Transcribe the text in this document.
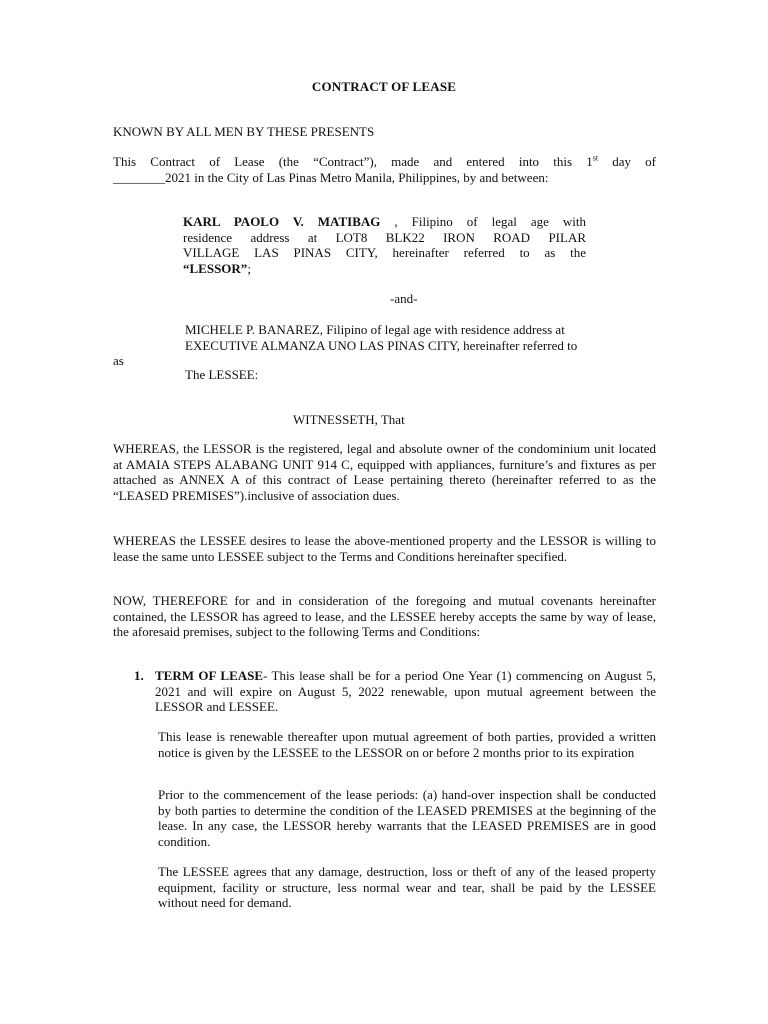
CONTRACT OF LEASE

KNOWN BY ALL MEN BY THESE PRESENTS

This Contract of Lease (the “Contract”), made and entered into this 1st day of
________2021 in the City of Las Pinas Metro Manila, Philippines, by and between:

KARL PAOLO V. MATIBAG , Filipino of legal age with
residence address at LOT8 BLK22 IRON ROAD PILAR
VILLAGE LAS PINAS CITY, hereinafter referred to as the
“LESSOR”;
-and-
MICHELE P. BANAREZ, Filipino of legal age with residence address at
EXECUTIVE ALMANZA UNO LAS PINAS CITY, hereinafter referred to
as
The LESSEE:
WITNESSETH, That

WHEREAS, the LESSOR is the registered, legal and absolute owner of the condominium unit located at AMAIA STEPS ALABANG UNIT 914 C, equipped with appliances, furniture’s and fixtures as per attached as ANNEX A of this contract of Lease pertaining thereto (hereinafter referred to as the “LEASED PREMISES”).inclusive of association dues.

WHEREAS the LESSEE desires to lease the above-mentioned property and the LESSOR is willing to lease the same unto LESSEE subject to the Terms and Conditions hereinafter specified.

NOW, THEREFORE for and in consideration of the foregoing and mutual covenants hereinafter contained, the LESSOR has agreed to lease, and the LESSEE hereby accepts the same by way of lease, the aforesaid premises, subject to the following Terms and Conditions:

1. TERM OF LEASE- This lease shall be for a period One Year (1) commencing on August 5, 2021 and will expire on August 5, 2022 renewable, upon mutual agreement between the LESSOR and LESSEE.

This lease is renewable thereafter upon mutual agreement of both parties, provided a written notice is given by the LESSEE to the LESSOR on or before 2 months prior to its expiration

Prior to the commencement of the lease periods: (a) hand-over inspection shall be conducted by both parties to determine the condition of the LEASED PREMISES at the beginning of the lease. In any case, the LESSOR hereby warrants that the LEASED PREMISES are in good condition.

The LESSEE agrees that any damage, destruction, loss or theft of any of the leased property equipment, facility or structure, less normal wear and tear, shall be paid by the LESSEE without need for demand.
